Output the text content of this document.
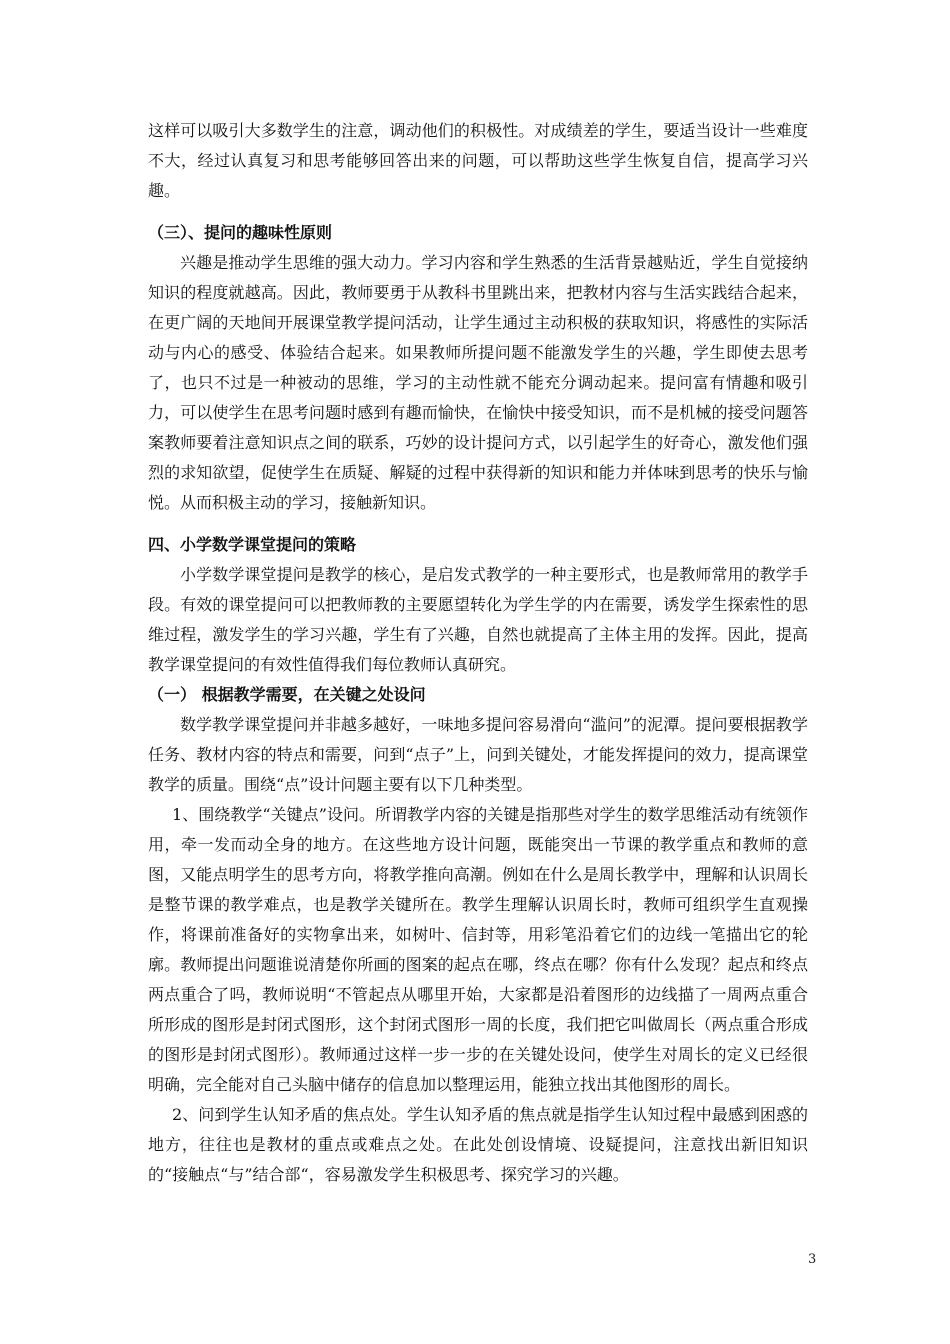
这样可以吸引大多数学生的注意，调动他们的积极性。对成绩差的学生，要适当设计一些难度不大，经过认真复习和思考能够回答出来的问题，可以帮助这些学生恢复自信，提高学习兴趣。

（三）、提问的趣味性原则

兴趣是推动学生思维的强大动力。学习内容和学生熟悉的生活背景越贴近，学生自觉接纳知识的程度就越高。因此，教师要勇于从教科书里跳出来，把教材内容与生活实践结合起来，在更广阔的天地间开展课堂教学提问活动，让学生通过主动积极的获取知识，将感性的实际活动与内心的感受、体验结合起来。如果教师所提问题不能激发学生的兴趣，学生即使去思考了，也只不过是一种被动的思维，学习的主动性就不能充分调动起来。提问富有情趣和吸引力，可以使学生在思考问题时感到有趣而愉快，在愉快中接受知识，而不是机械的接受问题答案教师要着注意知识点之间的联系，巧妙的设计提问方式，以引起学生的好奇心，激发他们强烈的求知欲望，促使学生在质疑、解疑的过程中获得新的知识和能力并体味到思考的快乐与愉悦。从而积极主动的学习，接触新知识。

四、小学数学课堂提问的策略

小学数学课堂提问是教学的核心，是启发式教学的一种主要形式，也是教师常用的教学手段。有效的课堂提问可以把教师教的主要愿望转化为学生学的内在需要，诱发学生探索性的思维过程，激发学生的学习兴趣，学生有了兴趣，自然也就提高了主体主用的发挥。因此，提高 教学课堂提问的有效性值得我们每位教师认真研究。

（一） 根据教学需要，在关键之处设问

数学教学课堂提问并非越多越好，一味地多提问容易滑向“滥问”的泥潭。提问要根据教学任务、教材内容的特点和需要，问到“点子”上，问到关键处，才能发挥提问的效力，提高课堂教学的质量。围绕“点”设计问题主要有以下几种类型。

1、围绕教学“关键点”设问。所谓教学内容的关键是指那些对学生的数学思维活动有统领作用，牵一发而动全身的地方。在这些地方设计问题，既能突出一节课的教学重点和教师的意图，又能点明学生的思考方向，将教学推向高潮。例如在什么是周长教学中，理解和认识周长是整节课的教学难点，也是教学关键所在。教学生理解认识周长时，教师可组织学生直观操作，将课前准备好的实物拿出来，如树叶、信封等，用彩笔沿着它们的边线一笔描出它的轮廓。教师提出问题谁说清楚你所画的图案的起点在哪，终点在哪？你有什么发现？起点和终点两点重合了吗，教师说明“不管起点从哪里开始，大家都是沿着图形的边线描了一周两点重合所形成的图形是封闭式图形，这个封闭式图形一周的长度，我们把它叫做周长（两点重合形成的图形是封闭式图形）。教师通过这样一步一步的在关键处设问，使学生对周长的定义已经很明确，完全能对自己头脑中储存的信息加以整理运用，能独立找出其他图形的周长。

2、问到学生认知矛盾的焦点处。学生认知矛盾的焦点就是指学生认知过程中最感到困惑的地方，往往也是教材的重点或难点之处。在此处创设情境、设疑提问，注意找出新旧知识的“接触点“与”结合部“，容易激发学生积极思考、探究学习的兴趣。

3
